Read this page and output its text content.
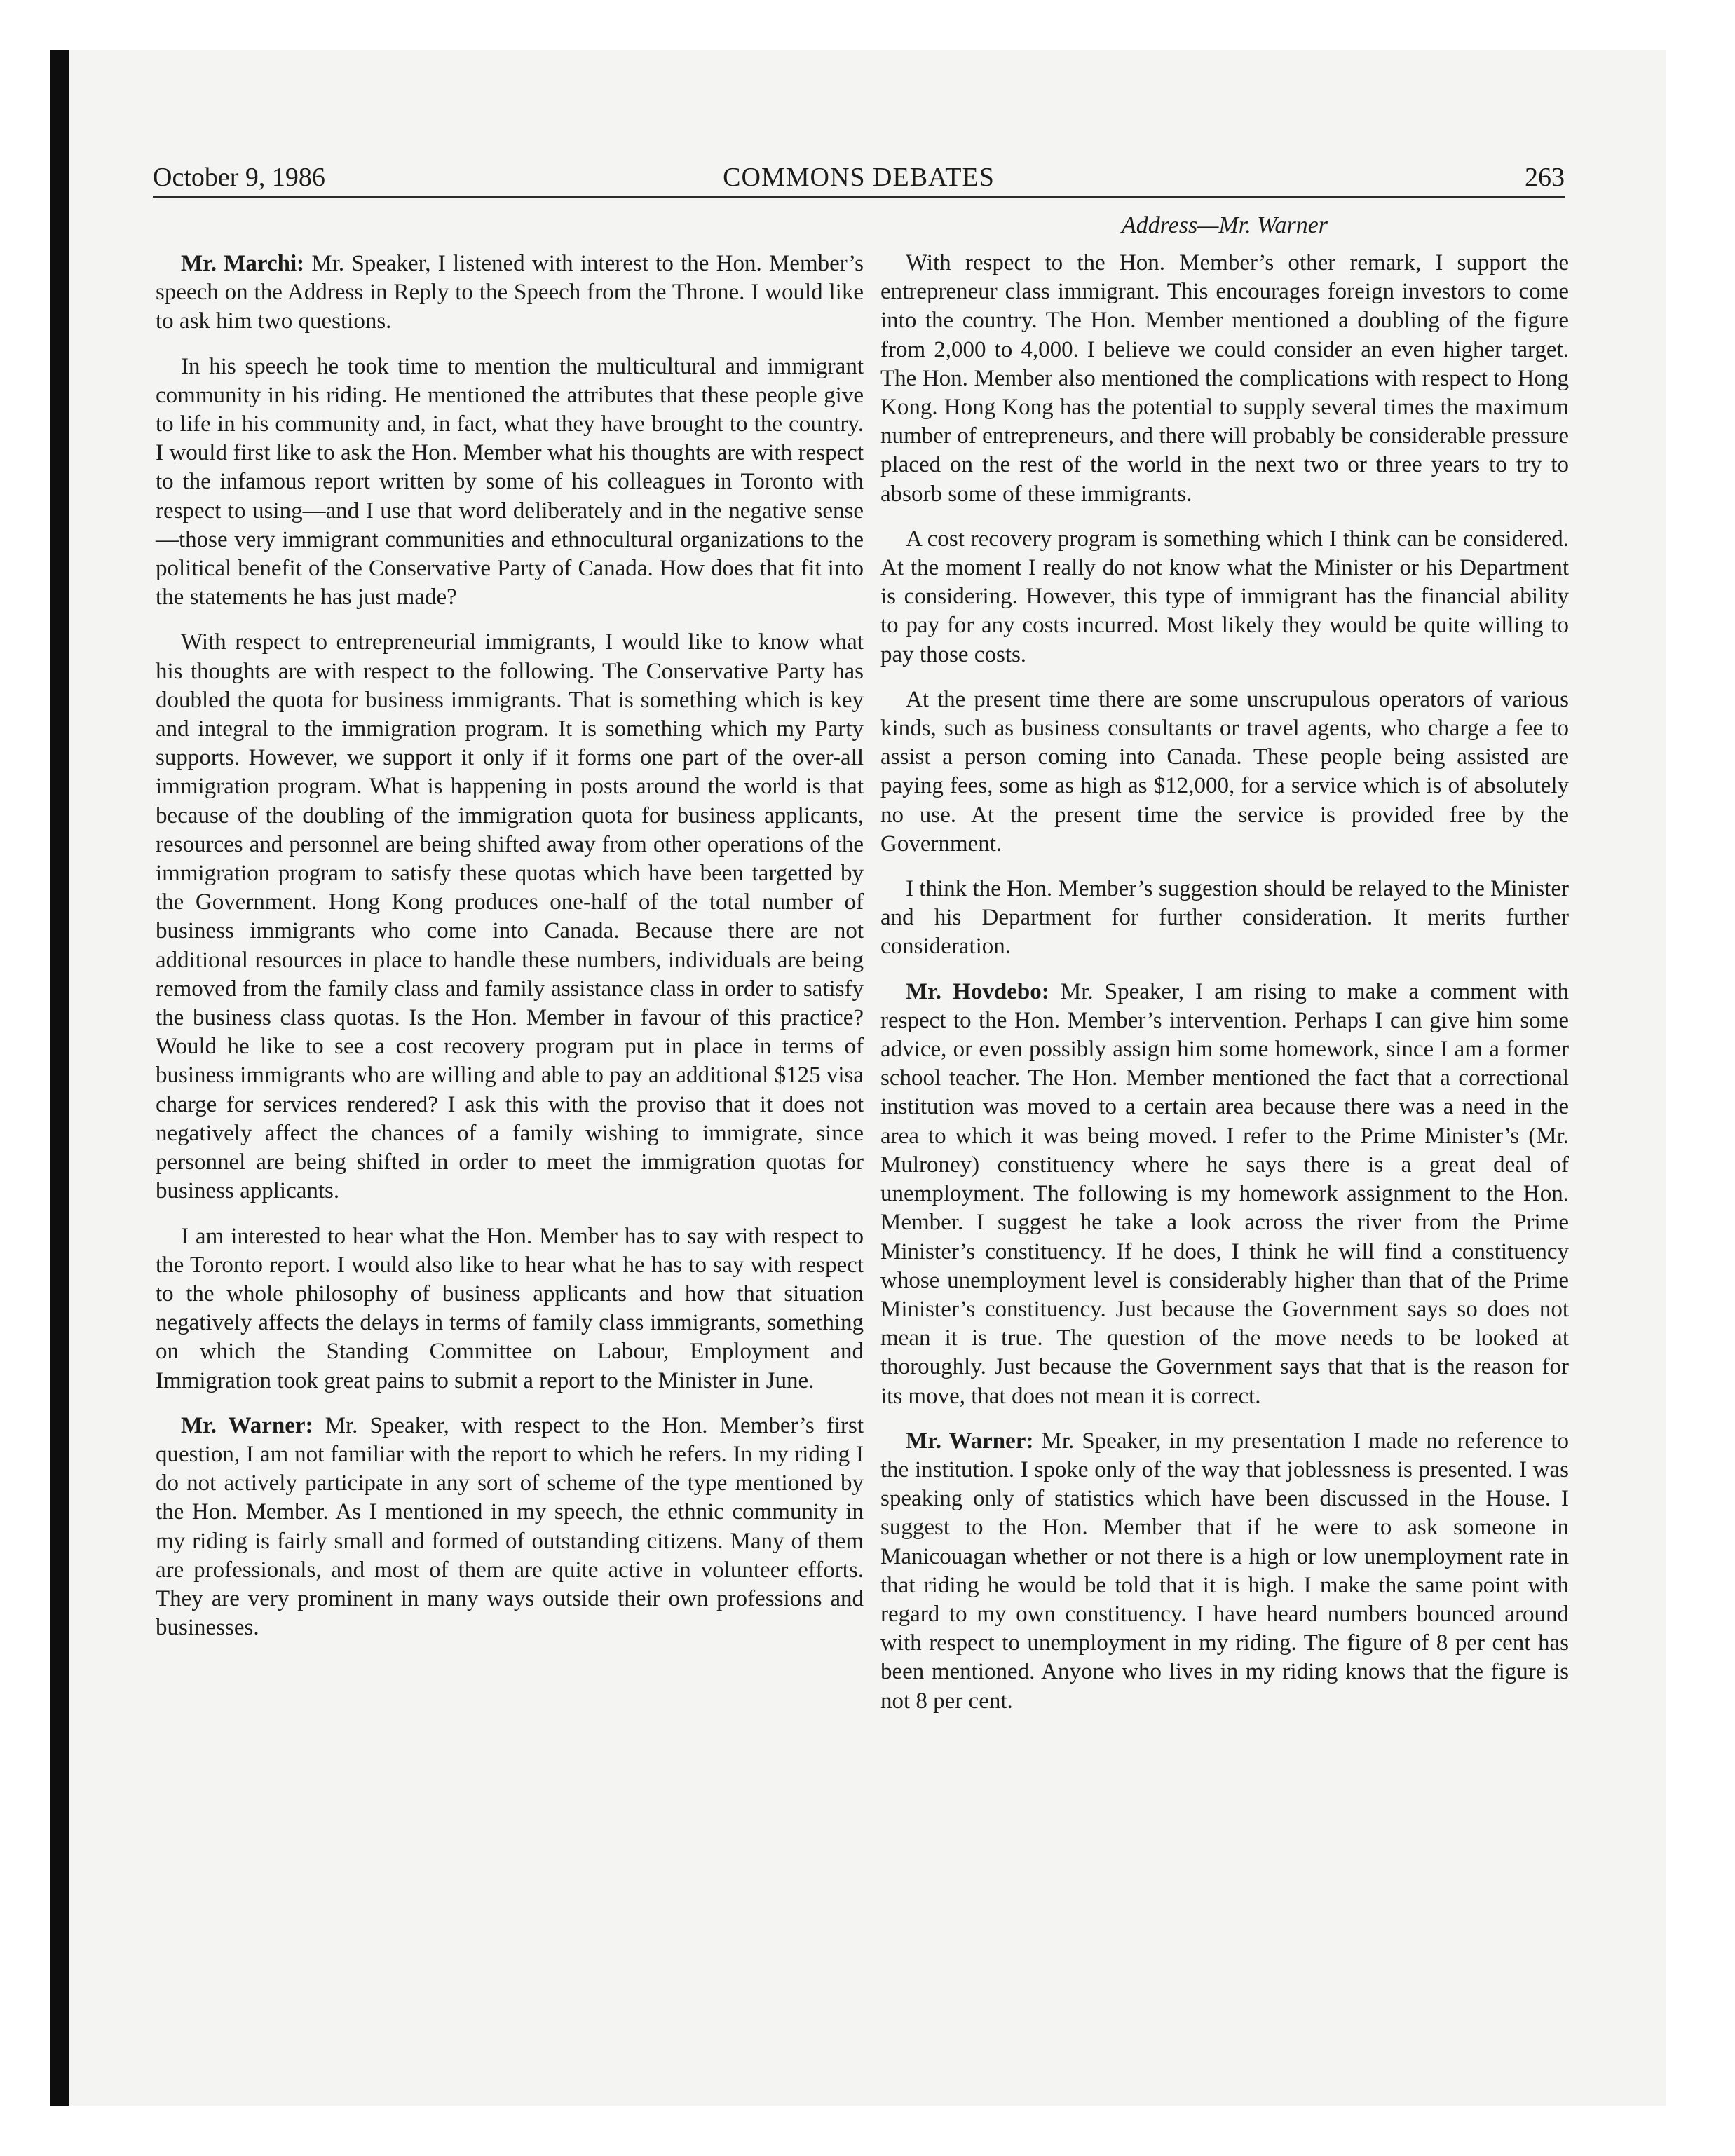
October 9, 1986	COMMONS DEBATES	263
Address—Mr. Warner

Mr. Marchi: Mr. Speaker, I listened with interest to the Hon. Member’s speech on the Address in Reply to the Speech from the Throne. I would like to ask him two questions.

In his speech he took time to mention the multicultural and immigrant community in his riding. He mentioned the attributes that these people give to life in his community and, in fact, what they have brought to the country. I would first like to ask the Hon. Member what his thoughts are with respect to the infamous report written by some of his colleagues in Toronto with respect to using—and I use that word deliberately and in the negative sense—those very immigrant communities and ethnocultural organizations to the political benefit of the Conservative Party of Canada. How does that fit into the statements he has just made?

With respect to entrepreneurial immigrants, I would like to know what his thoughts are with respect to the following. The Conservative Party has doubled the quota for business immigrants. That is something which is key and integral to the immigration program. It is something which my Party supports. However, we support it only if it forms one part of the over-all immigration program. What is happening in posts around the world is that because of the doubling of the immigration quota for business applicants, resources and personnel are being shifted away from other operations of the immigration program to satisfy these quotas which have been targetted by the Government. Hong Kong produces one-half of the total number of business immigrants who come into Canada. Because there are not additional resources in place to handle these numbers, individuals are being removed from the family class and family assistance class in order to satisfy the business class quotas. Is the Hon. Member in favour of this practice? Would he like to see a cost recovery program put in place in terms of business immigrants who are willing and able to pay an additional $125 visa charge for services rendered? I ask this with the proviso that it does not negatively affect the chances of a family wishing to immigrate, since personnel are being shifted in order to meet the immigration quotas for business applicants.

I am interested to hear what the Hon. Member has to say with respect to the Toronto report. I would also like to hear what he has to say with respect to the whole philosophy of business applicants and how that situation negatively affects the delays in terms of family class immigrants, something on which the Standing Committee on Labour, Employment and Immigration took great pains to submit a report to the Minister in June.

Mr. Warner: Mr. Speaker, with respect to the Hon. Member’s first question, I am not familiar with the report to which he refers. In my riding I do not actively participate in any sort of scheme of the type mentioned by the Hon. Member. As I mentioned in my speech, the ethnic community in my riding is fairly small and formed of outstanding citizens. Many of them are professionals, and most of them are quite active in volunteer efforts. They are very prominent in many ways outside their own professions and businesses.

With respect to the Hon. Member’s other remark, I support the entrepreneur class immigrant. This encourages foreign investors to come into the country. The Hon. Member mentioned a doubling of the figure from 2,000 to 4,000. I believe we could consider an even higher target. The Hon. Member also mentioned the complications with respect to Hong Kong. Hong Kong has the potential to supply several times the maximum number of entrepreneurs, and there will probably be considerable pressure placed on the rest of the world in the next two or three years to try to absorb some of these immigrants.

A cost recovery program is something which I think can be considered. At the moment I really do not know what the Minister or his Department is considering. However, this type of immigrant has the financial ability to pay for any costs incurred. Most likely they would be quite willing to pay those costs.

At the present time there are some unscrupulous operators of various kinds, such as business consultants or travel agents, who charge a fee to assist a person coming into Canada. These people being assisted are paying fees, some as high as $12,000, for a service which is of absolutely no use. At the present time the service is provided free by the Government.

I think the Hon. Member’s suggestion should be relayed to the Minister and his Department for further consideration. It merits further consideration.

Mr. Hovdebo: Mr. Speaker, I am rising to make a comment with respect to the Hon. Member’s intervention. Perhaps I can give him some advice, or even possibly assign him some homework, since I am a former school teacher. The Hon. Member mentioned the fact that a correctional institution was moved to a certain area because there was a need in the area to which it was being moved. I refer to the Prime Minister’s (Mr. Mulroney) constituency where he says there is a great deal of unemployment. The following is my homework assignment to the Hon. Member. I suggest he take a look across the river from the Prime Minister’s constituency. If he does, I think he will find a constituency whose unemployment level is considerably higher than that of the Prime Minister’s constituency. Just because the Government says so does not mean it is true. The question of the move needs to be looked at thoroughly. Just because the Government says that that is the reason for its move, that does not mean it is correct.

Mr. Warner: Mr. Speaker, in my presentation I made no reference to the institution. I spoke only of the way that joblessness is presented. I was speaking only of statistics which have been discussed in the House. I suggest to the Hon. Member that if he were to ask someone in Manicouagan whether or not there is a high or low unemployment rate in that riding he would be told that it is high. I make the same point with regard to my own constituency. I have heard numbers bounced around with respect to unemployment in my riding. The figure of 8 per cent has been mentioned. Anyone who lives in my riding knows that the figure is not 8 per cent.
